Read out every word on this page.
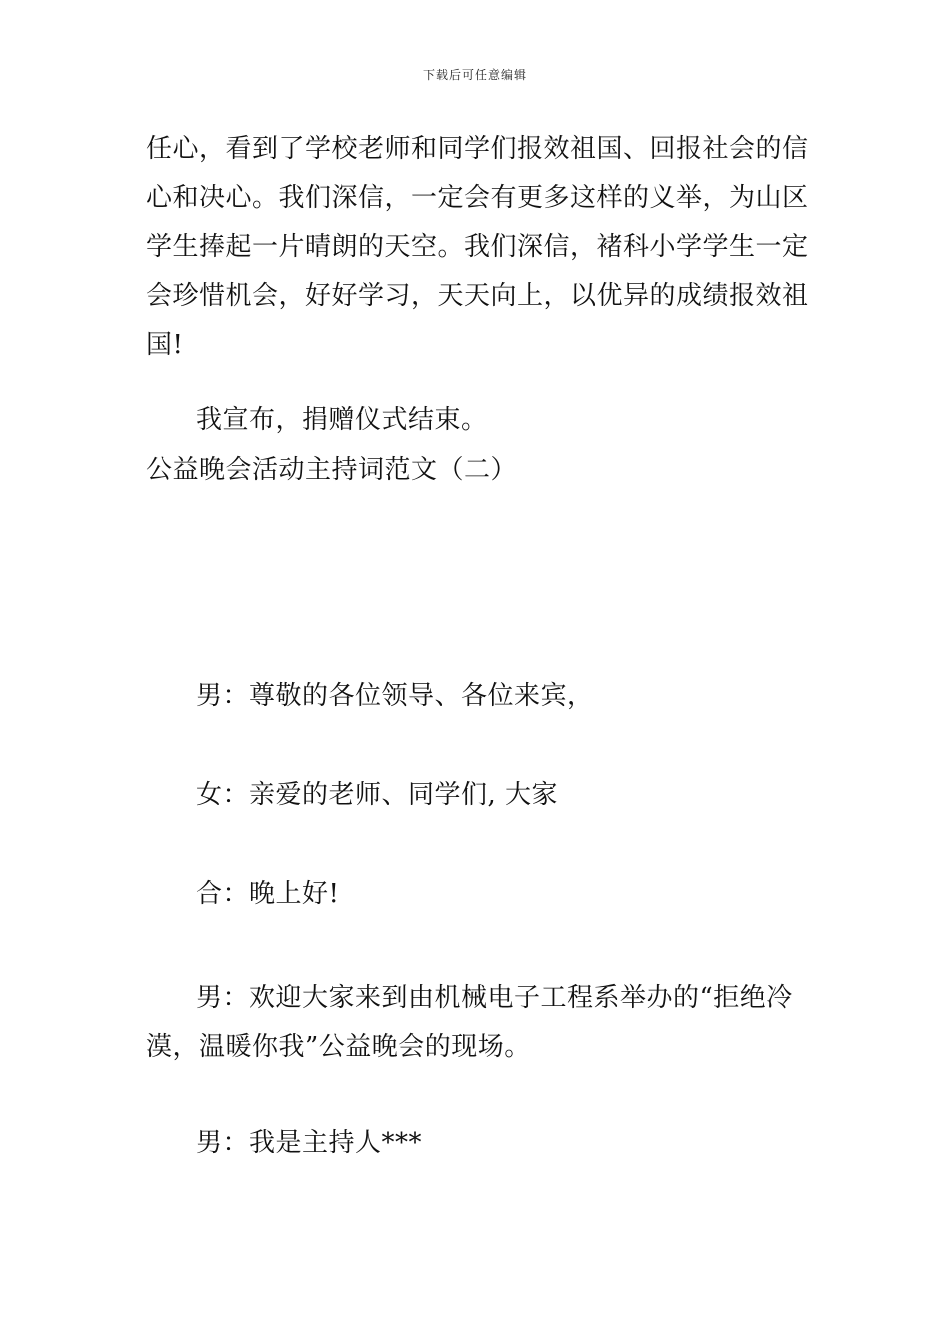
下载后可任意编辑
任心，看到了学校老师和同学们报效祖国、回报社会的信
心和决心。我们深信，一定会有更多这样的义举，为山区
学生捧起一片晴朗的天空。我们深信，褚科小学学生一定
会珍惜机会，好好学习，天天向上，以优异的成绩报效祖
国!
我宣布，捐赠仪式结束。
公益晚会活动主持词范文（二）
男：尊敬的各位领导、各位来宾，
女：亲爱的老师、同学们, 大家
合：晚上好!
男：欢迎大家来到由机械电子工程系举办的“拒绝冷
漠，温暖你我”公益晚会的现场。
男：我是主持人***
